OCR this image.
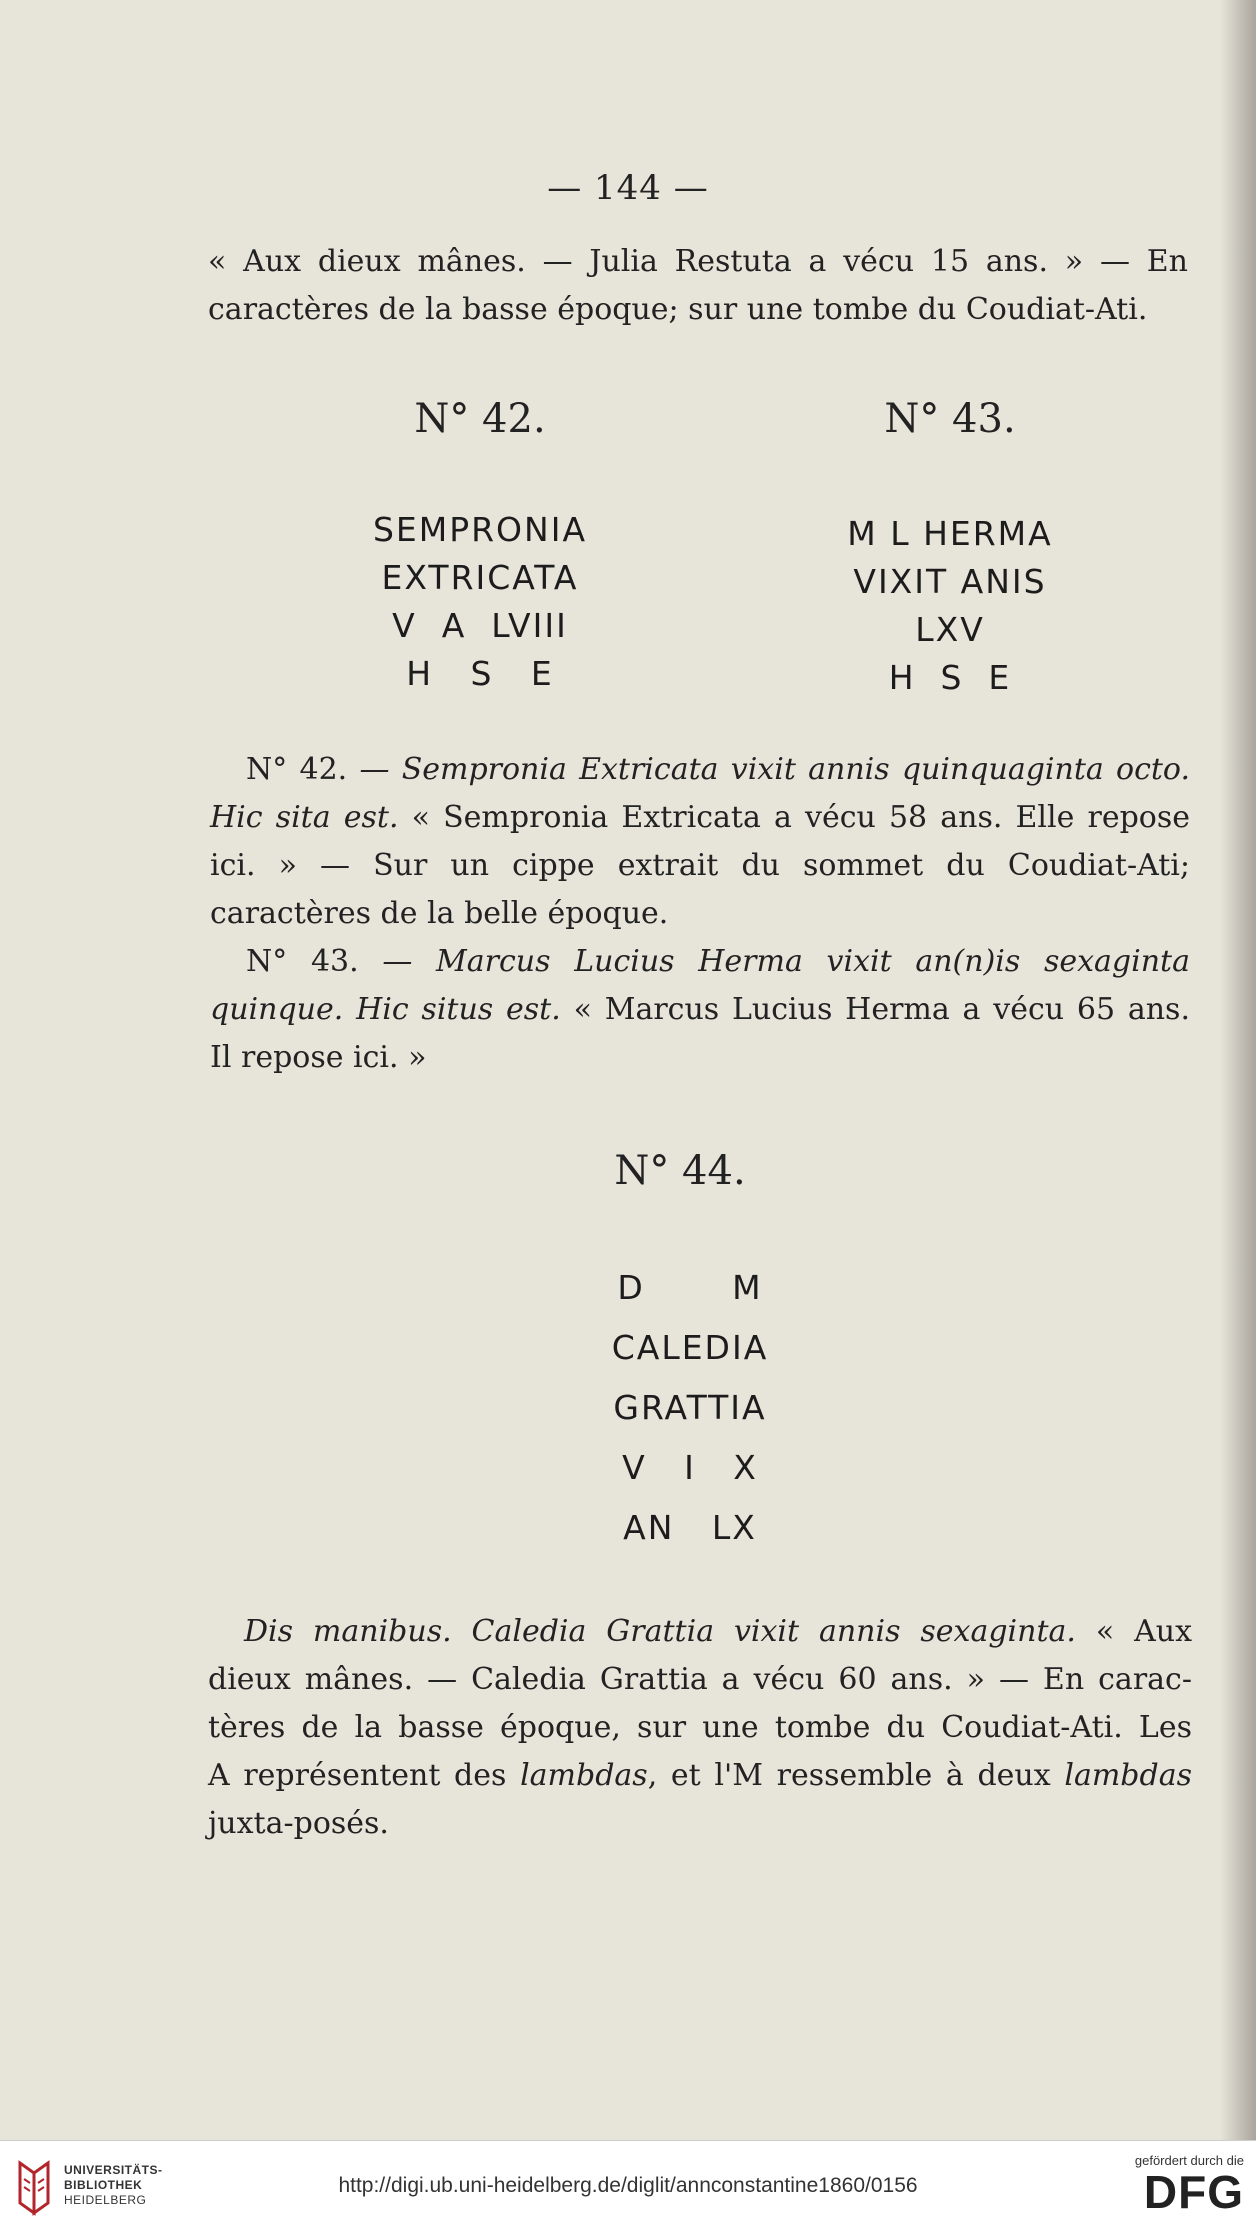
— 144 —
« Aux dieux mânes. — Julia Restuta a vécu 15 ans. » — En
caractères de la basse époque; sur une tombe du Coudiat-Ati.
N° 42.	N° 43.
SEMPRONIA
EXTRICATA
V  A  LVIII
H   S   E
M L HERMA
VIXIT ANIS
LXV
H  S  E
N° 42. — Sempronia Extricata vixit annis quinquaginta octo.
Hic sita est. « Sempronia Extricata a vécu 58 ans. Elle repose
ici. » — Sur un cippe extrait du sommet du Coudiat-Ati;
caractères de la belle époque.
N° 43. — Marcus Lucius Herma vixit an(n)is sexaginta
quinque. Hic situs est. « Marcus Lucius Herma a vécu 65 ans.
Il repose ici. »
N° 44.
D       M
CALEDIA
GRATTIA
V   I   X
AN   LX
Dis manibus. Caledia Grattia vixit annis sexaginta. « Aux
dieux mânes. — Caledia Grattia a vécu 60 ans. » — En carac-
tères de la basse époque, sur une tombe du Coudiat-Ati. Les
A représentent des lambdas, et l'M ressemble à deux lambdas
juxta-posés.
UNIVERSITÄTS-
BIBLIOTHEK
HEIDELBERG
http://digi.ub.uni-heidelberg.de/diglit/annconstantine1860/0156
gefördert durch die
DFG
